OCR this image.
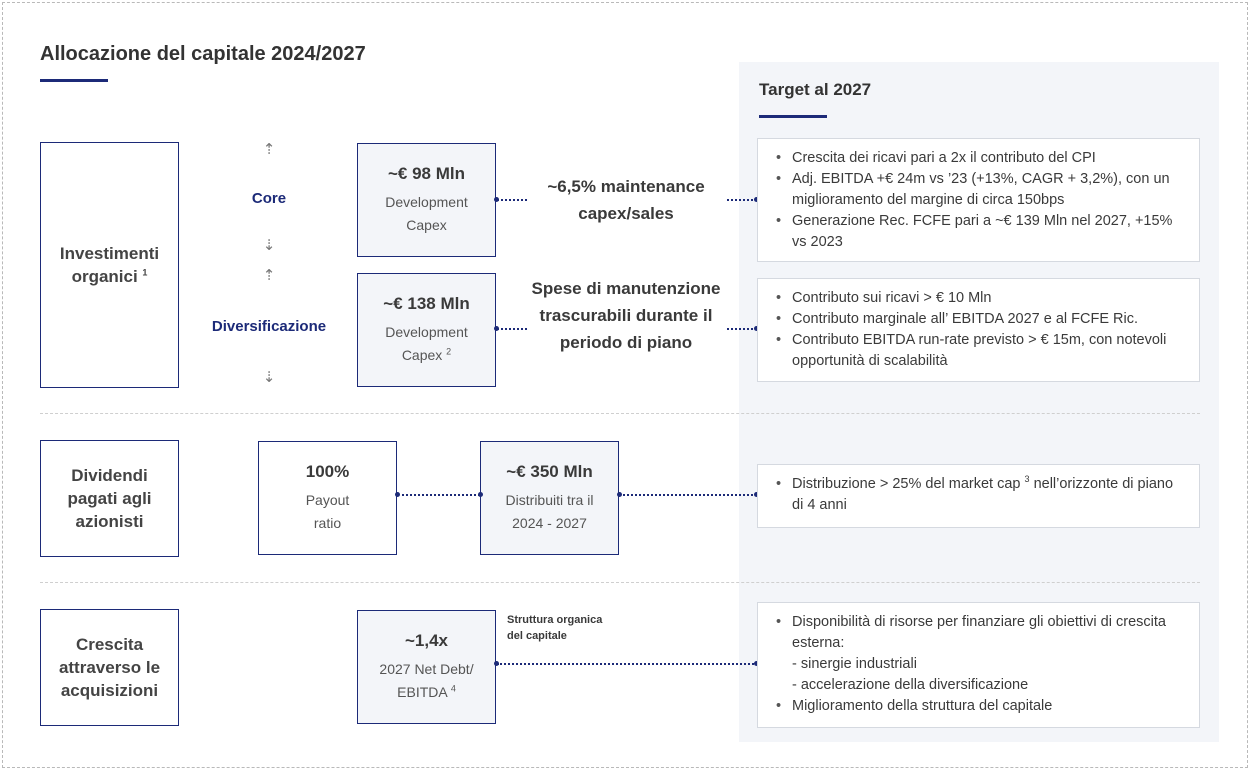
Allocazione del capitale 2024/2027
Target al 2027
Investimenti organici $^1$
Dividendi pagati agli azionisti
Crescita attraverso le acquisizioni
⇡
Core
⇣
⇡
Diversificazione
⇣
~€ 98 Mln
Development Capex
~€ 138 Mln
Development Capex $^2$
~6,5% maintenance capex/sales
Spese di manutenzione trascurabili durante il periodo di piano
100%
Payout ratio
~€ 350 Mln
Distribuiti tra il 2024 - 2027
~1,4x
2027 Net Debt/ EBITDA $^4$
Struttura organica del capitale
• Crescita dei ricavi pari a 2x il contributo del CPI
• Adj. EBITDA +€ 24m vs ’23 (+13%, CAGR + 3,2%), con un miglioramento del margine di circa 150bps
• Generazione Rec. FCFE pari a ~€ 139 Mln nel 2027, +15% vs 2023
• Contributo sui ricavi > € 10 Mln
• Contributo marginale all’ EBITDA 2027 e al FCFE Ric.
• Contributo EBITDA run-rate previsto > € 15m, con notevoli opportunità di scalabilità
• Distribuzione > 25% del market cap $^3$ nell’orizzonte di piano di 4 anni
• Disponibilità di risorse per finanziare gli obiettivi di crescita esterna:
- sinergie industriali
- accelerazione della diversificazione
• Miglioramento della struttura del capitale
